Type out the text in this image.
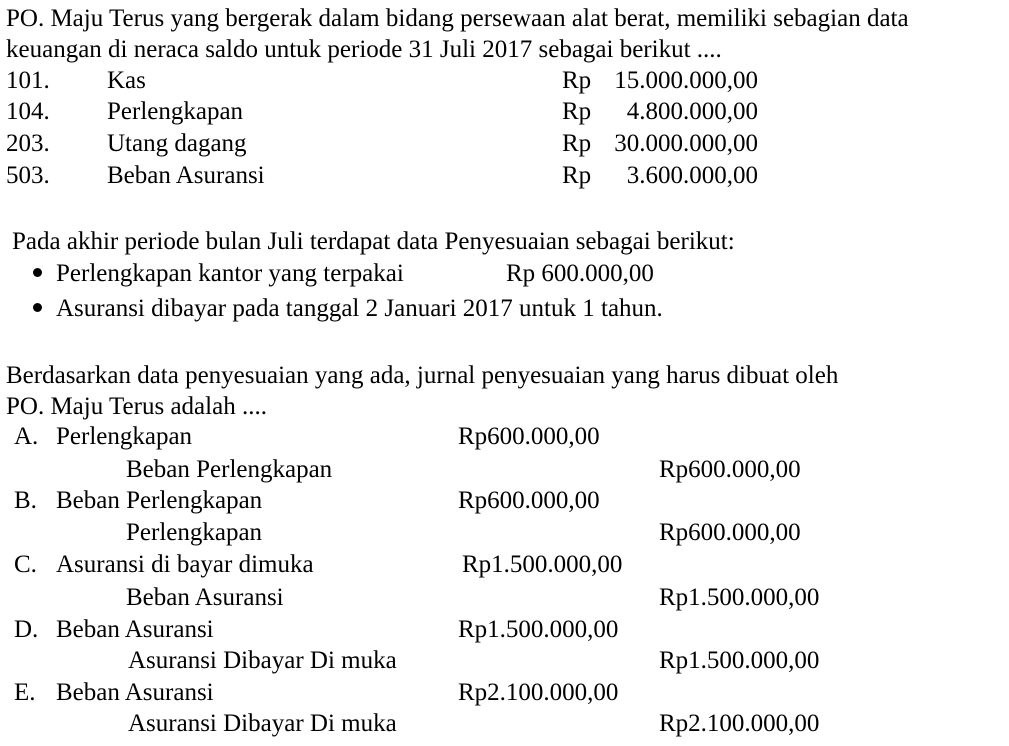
PO. Maju Terus yang bergerak dalam bidang persewaan alat berat, memiliki sebagian data
keuangan di neraca saldo untuk periode 31 Juli 2017 sebagai berikut ....
101. Kas	Rp 15.000.000,00
104. Perlengkapan	Rp 4.800.000,00
203. Utang dagang	Rp 30.000.000,00
503. Beban Asuransi	Rp 3.600.000,00
Pada akhir periode bulan Juli terdapat data Penyesuaian sebagai berikut:
Perlengkapan kantor yang terpakai	Rp 600.000,00
Asuransi dibayar pada tanggal 2 Januari 2017 untuk 1 tahun.
Berdasarkan data penyesuaian yang ada, jurnal penyesuaian yang harus dibuat oleh
PO. Maju Terus adalah ....
A. Perlengkapan	Rp600.000,00
Beban Perlengkapan	Rp600.000,00
B. Beban Perlengkapan	Rp600.000,00
Perlengkapan	Rp600.000,00
C. Asuransi di bayar dimuka	Rp1.500.000,00
Beban Asuransi	Rp1.500.000,00
D. Beban Asuransi	Rp1.500.000,00
Asuransi Dibayar Di muka	Rp1.500.000,00
E. Beban Asuransi	Rp2.100.000,00
Asuransi Dibayar Di muka	Rp2.100.000,00
